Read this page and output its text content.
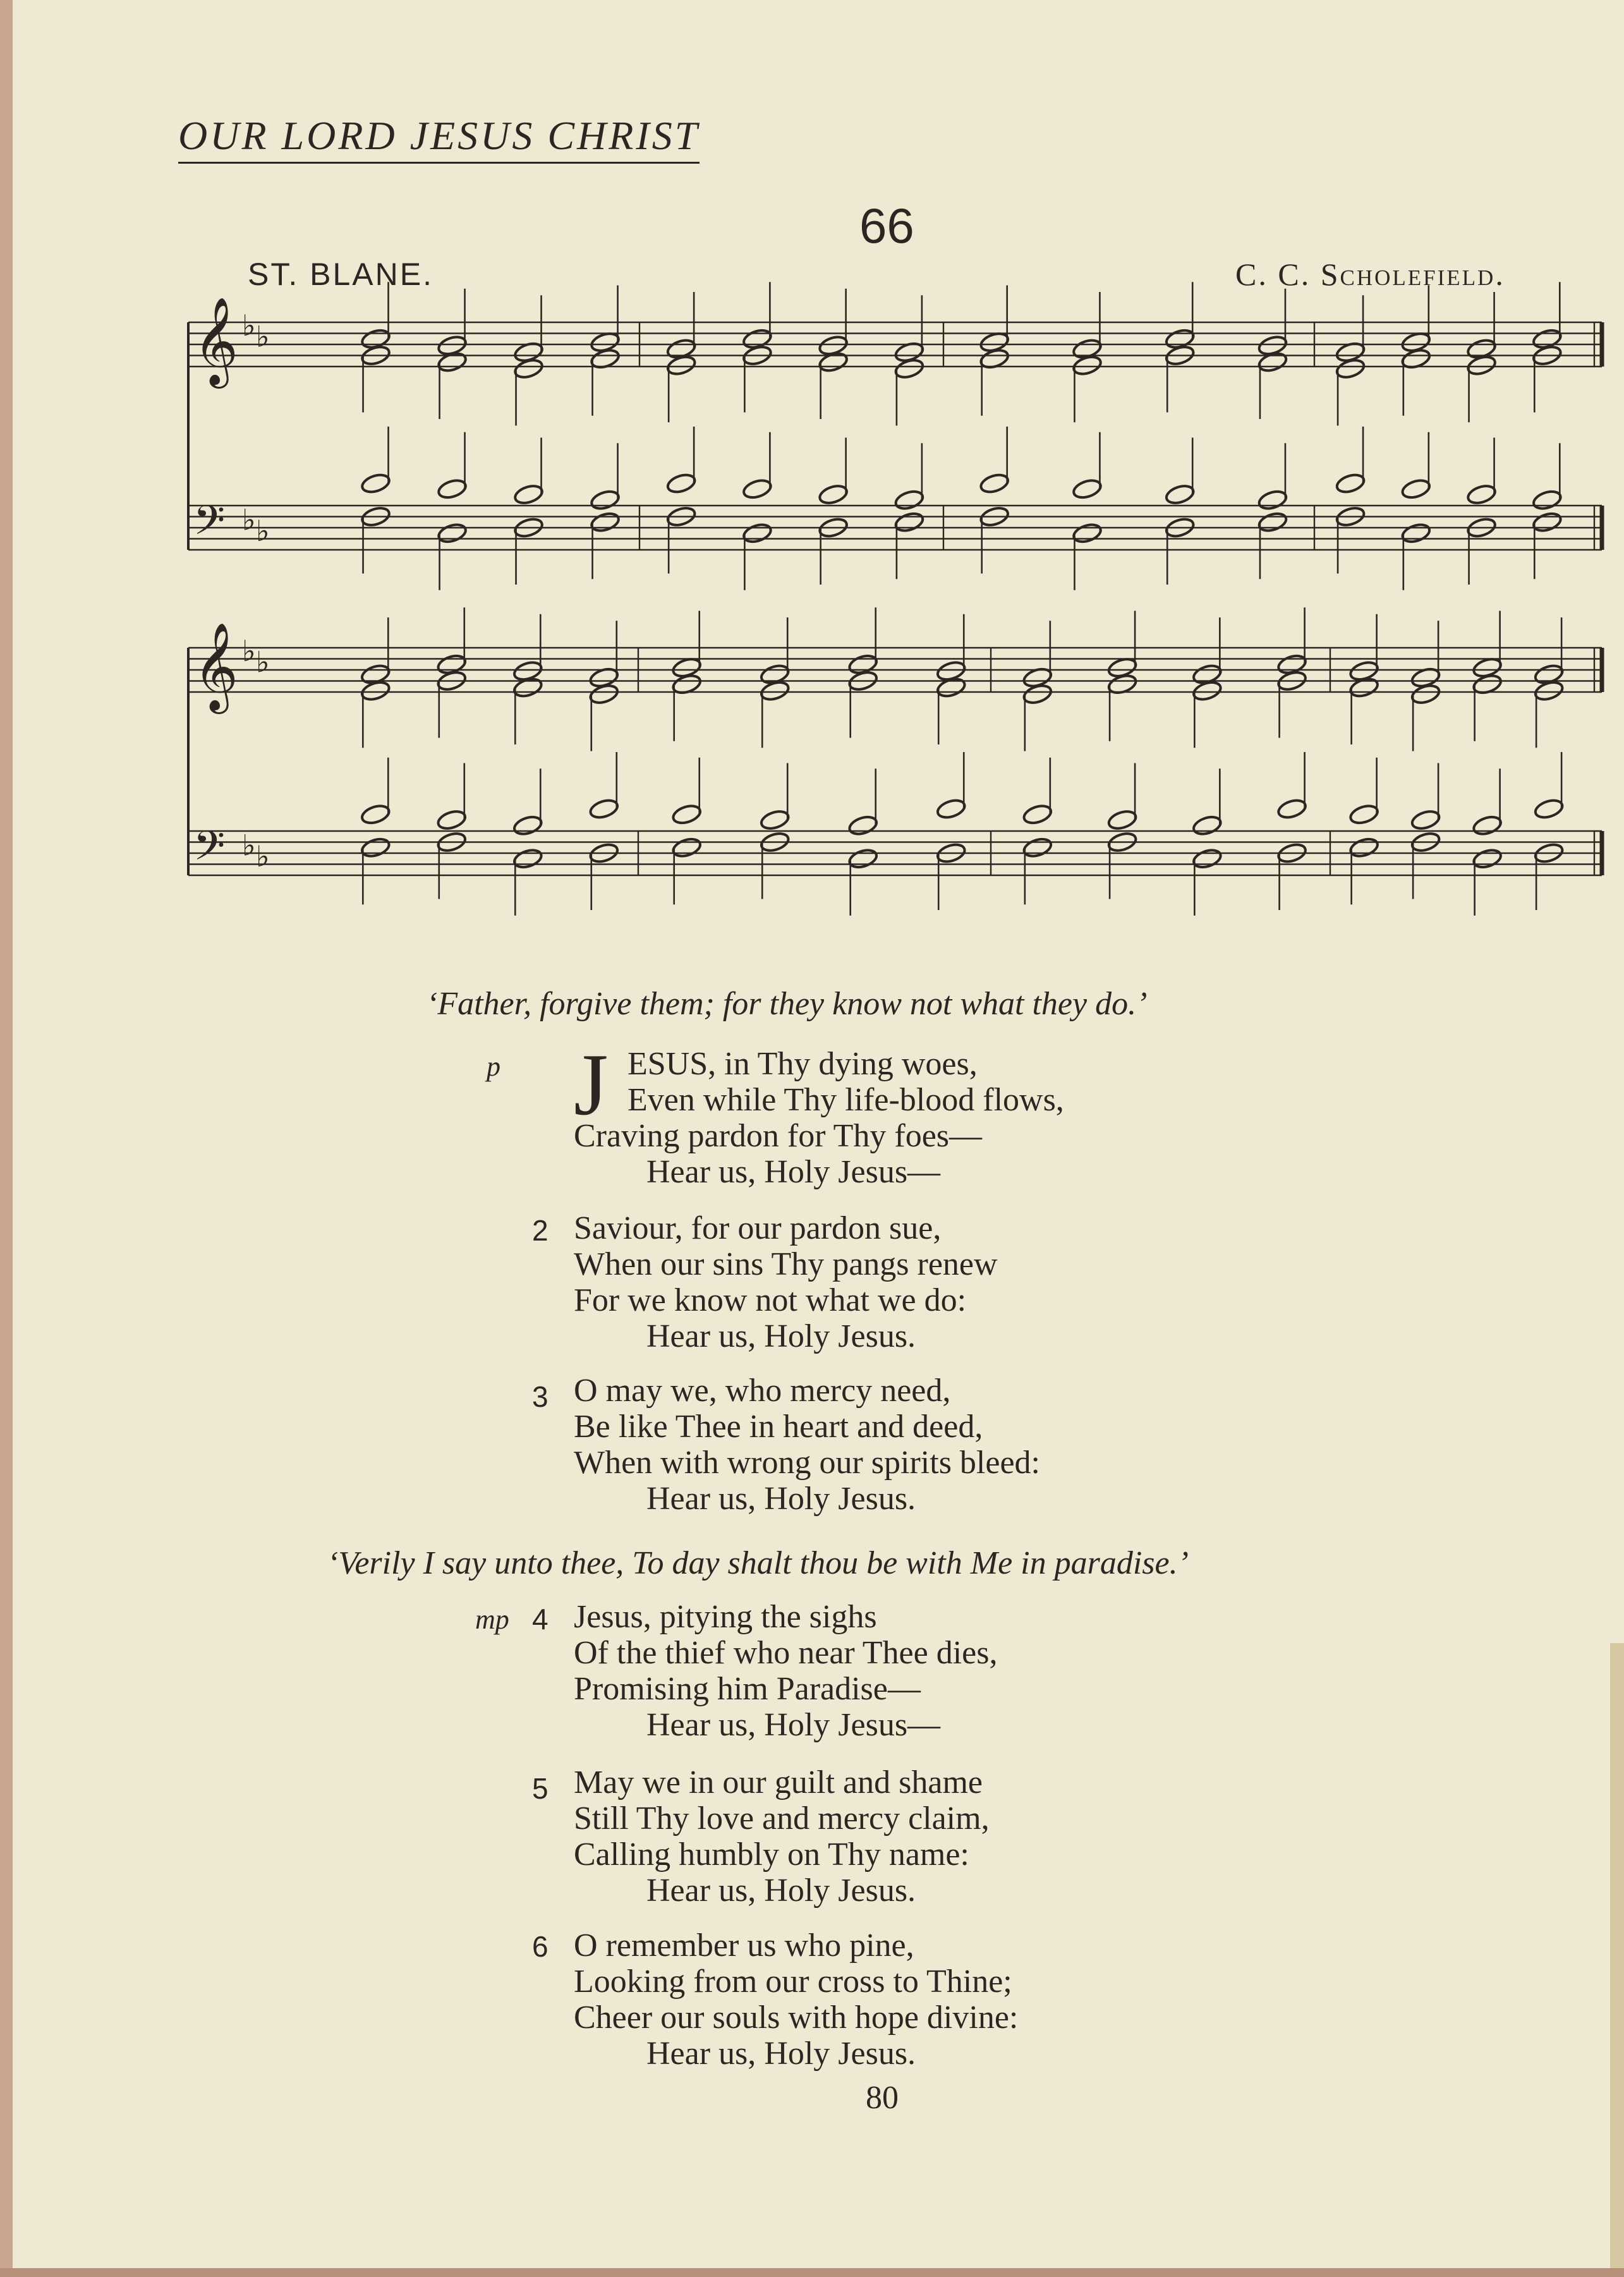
OUR LORD JESUS CHRIST
66
ST. BLANE.	C. C. Scholefield.
𝄞 ♭ ♭
𝄢 ♭ ♭
𝄞 ♭ ♭
𝄢 ♭ ♭
‘Father, forgive them; for they know not what they do.’
p J ESUS, in Thy dying woes,
Even while Thy life-blood flows,
Craving pardon for Thy foes—
Hear us, Holy Jesus—
2 Saviour, for our pardon sue,
When our sins Thy pangs renew
For we know not what we do:
Hear us, Holy Jesus.
3 O may we, who mercy need,
Be like Thee in heart and deed,
When with wrong our spirits bleed:
Hear us, Holy Jesus.
‘Verily I say unto thee, To day shalt thou be with Me in paradise.’
mp 4 Jesus, pitying the sighs
Of the thief who near Thee dies,
Promising him Paradise—
Hear us, Holy Jesus—
5 May we in our guilt and shame
Still Thy love and mercy claim,
Calling humbly on Thy name:
Hear us, Holy Jesus.
6 O remember us who pine,
Looking from our cross to Thine;
Cheer our souls with hope divine:
Hear us, Holy Jesus.
80
